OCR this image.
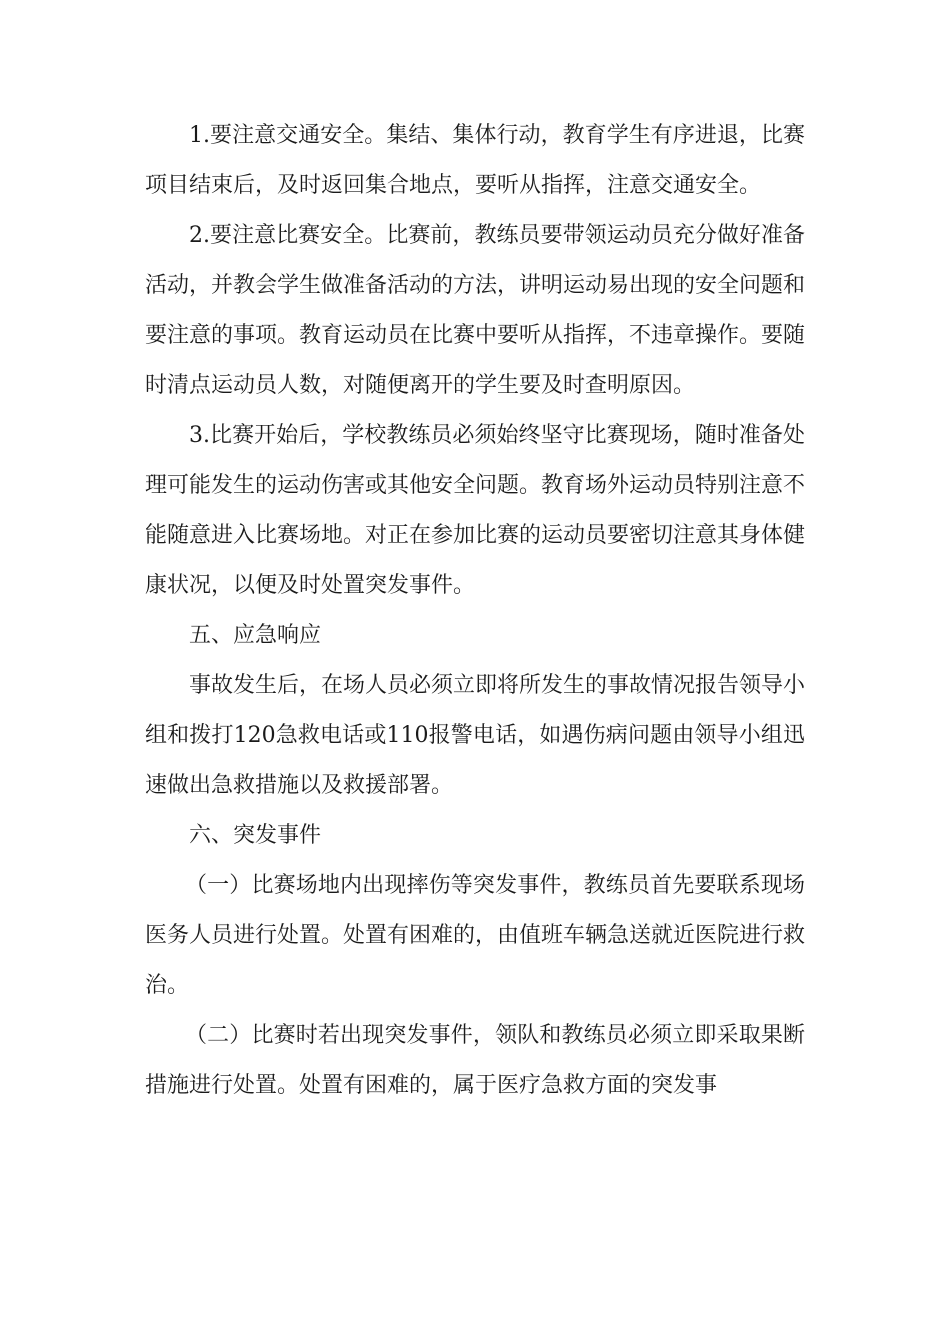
1.要注意交通安全。集结、集体行动，教育学生有序进退，比赛项目结束后，及时返回集合地点，要听从指挥，注意交通安全。

2.要注意比赛安全。比赛前，教练员要带领运动员充分做好准备活动，并教会学生做准备活动的方法，讲明运动易出现的安全问题和要注意的事项。教育运动员在比赛中要听从指挥，不违章操作。要随时清点运动员人数，对随便离开的学生要及时查明原因。

3.比赛开始后，学校教练员必须始终坚守比赛现场，随时准备处理可能发生的运动伤害或其他安全问题。教育场外运动员特别注意不能随意进入比赛场地。对正在参加比赛的运动员要密切注意其身体健康状况，以便及时处置突发事件。

五、应急响应

事故发生后，在场人员必须立即将所发生的事故情况报告领导小组和拨打120急救电话或110报警电话，如遇伤病问题由领导小组迅速做出急救措施以及救援部署。

六、突发事件

（一）比赛场地内出现摔伤等突发事件，教练员首先要联系现场医务人员进行处置。处置有困难的，由值班车辆急送就近医院进行救治。

（二）比赛时若出现突发事件，领队和教练员必须立即采取果断措施进行处置。处置有困难的，属于医疗急救方面的突发事
